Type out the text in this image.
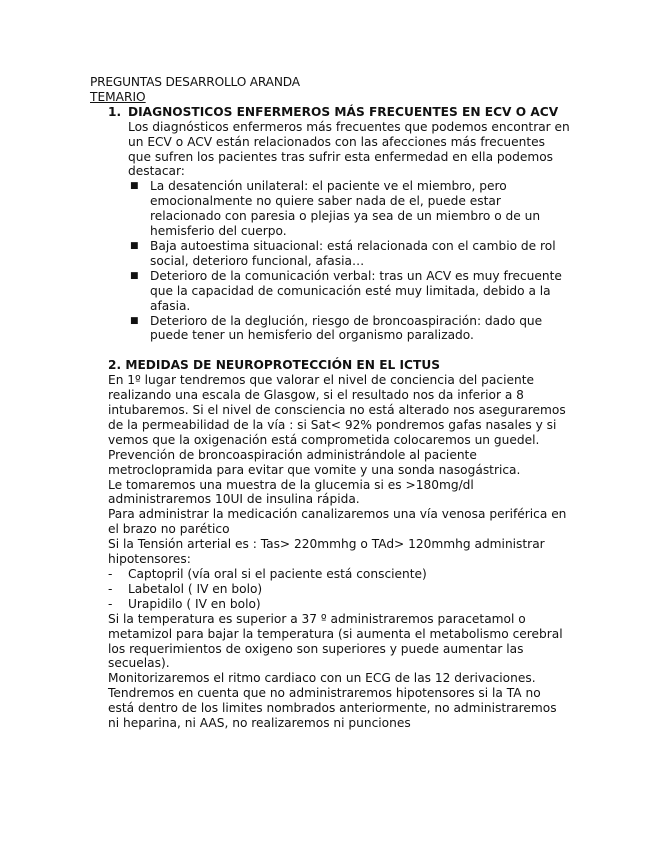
PREGUNTAS DESARROLLO ARANDA

TEMARIO

1. DIAGNOSTICOS ENFERMEROS MÁS FRECUENTES EN ECV O ACV

Los diagnósticos enfermeros más frecuentes que podemos encontrar en un ECV o ACV están relacionados con las afecciones más frecuentes que sufren los pacientes tras sufrir esta enfermedad en ella podemos destacar:

■ La desatención unilateral: el paciente ve el miembro, pero emocionalmente no quiere saber nada de el, puede estar relacionado con paresia o plejias ya sea de un miembro o de un hemisferio del cuerpo.
■ Baja autoestima situacional: está relacionada con el cambio de rol social, deterioro funcional, afasia…
■ Deterioro de la comunicación verbal: tras un ACV es muy frecuente que la capacidad de comunicación esté muy limitada, debido a la afasia.
■ Deterioro de la deglución, riesgo de broncoaspiración: dado que puede tener un hemisferio del organismo paralizado.

2. MEDIDAS DE NEUROPROTECCIÓN EN EL ICTUS

En 1º lugar tendremos que valorar el nivel de conciencia del paciente realizando una escala de Glasgow, si el resultado nos da inferior a 8 intubaremos. Si el nivel de consciencia no está alterado nos aseguraremos de la permeabilidad de la vía : si Sat< 92% pondremos gafas nasales y si vemos que la oxigenación está comprometida colocaremos un guedel. Prevención de broncoaspiración administrándole al paciente metroclopramida para evitar que vomite y una sonda nasogástrica.

Le tomaremos una muestra de la glucemia si es >180mg/dl administraremos 10UI de insulina rápida.

Para administrar la medicación canalizaremos una vía venosa periférica en el brazo no parético

Si la Tensión arterial es : Tas> 220mmhg o TAd> 120mmhg administrar hipotensores:

-	Captopril (vía oral si el paciente está consciente)
-	Labetalol ( IV en bolo)
-	Urapidilo ( IV en bolo)

Si la temperatura es superior a 37 º administraremos paracetamol o metamizol para bajar la temperatura (si aumenta el metabolismo cerebral los requerimientos de oxigeno son superiores y puede aumentar las secuelas).

Monitorizaremos el ritmo cardiaco con un ECG de las 12 derivaciones. Tendremos en cuenta que no administraremos hipotensores si la TA no está dentro de los limites nombrados anteriormente, no administraremos ni heparina, ni AAS, no realizaremos ni punciones
